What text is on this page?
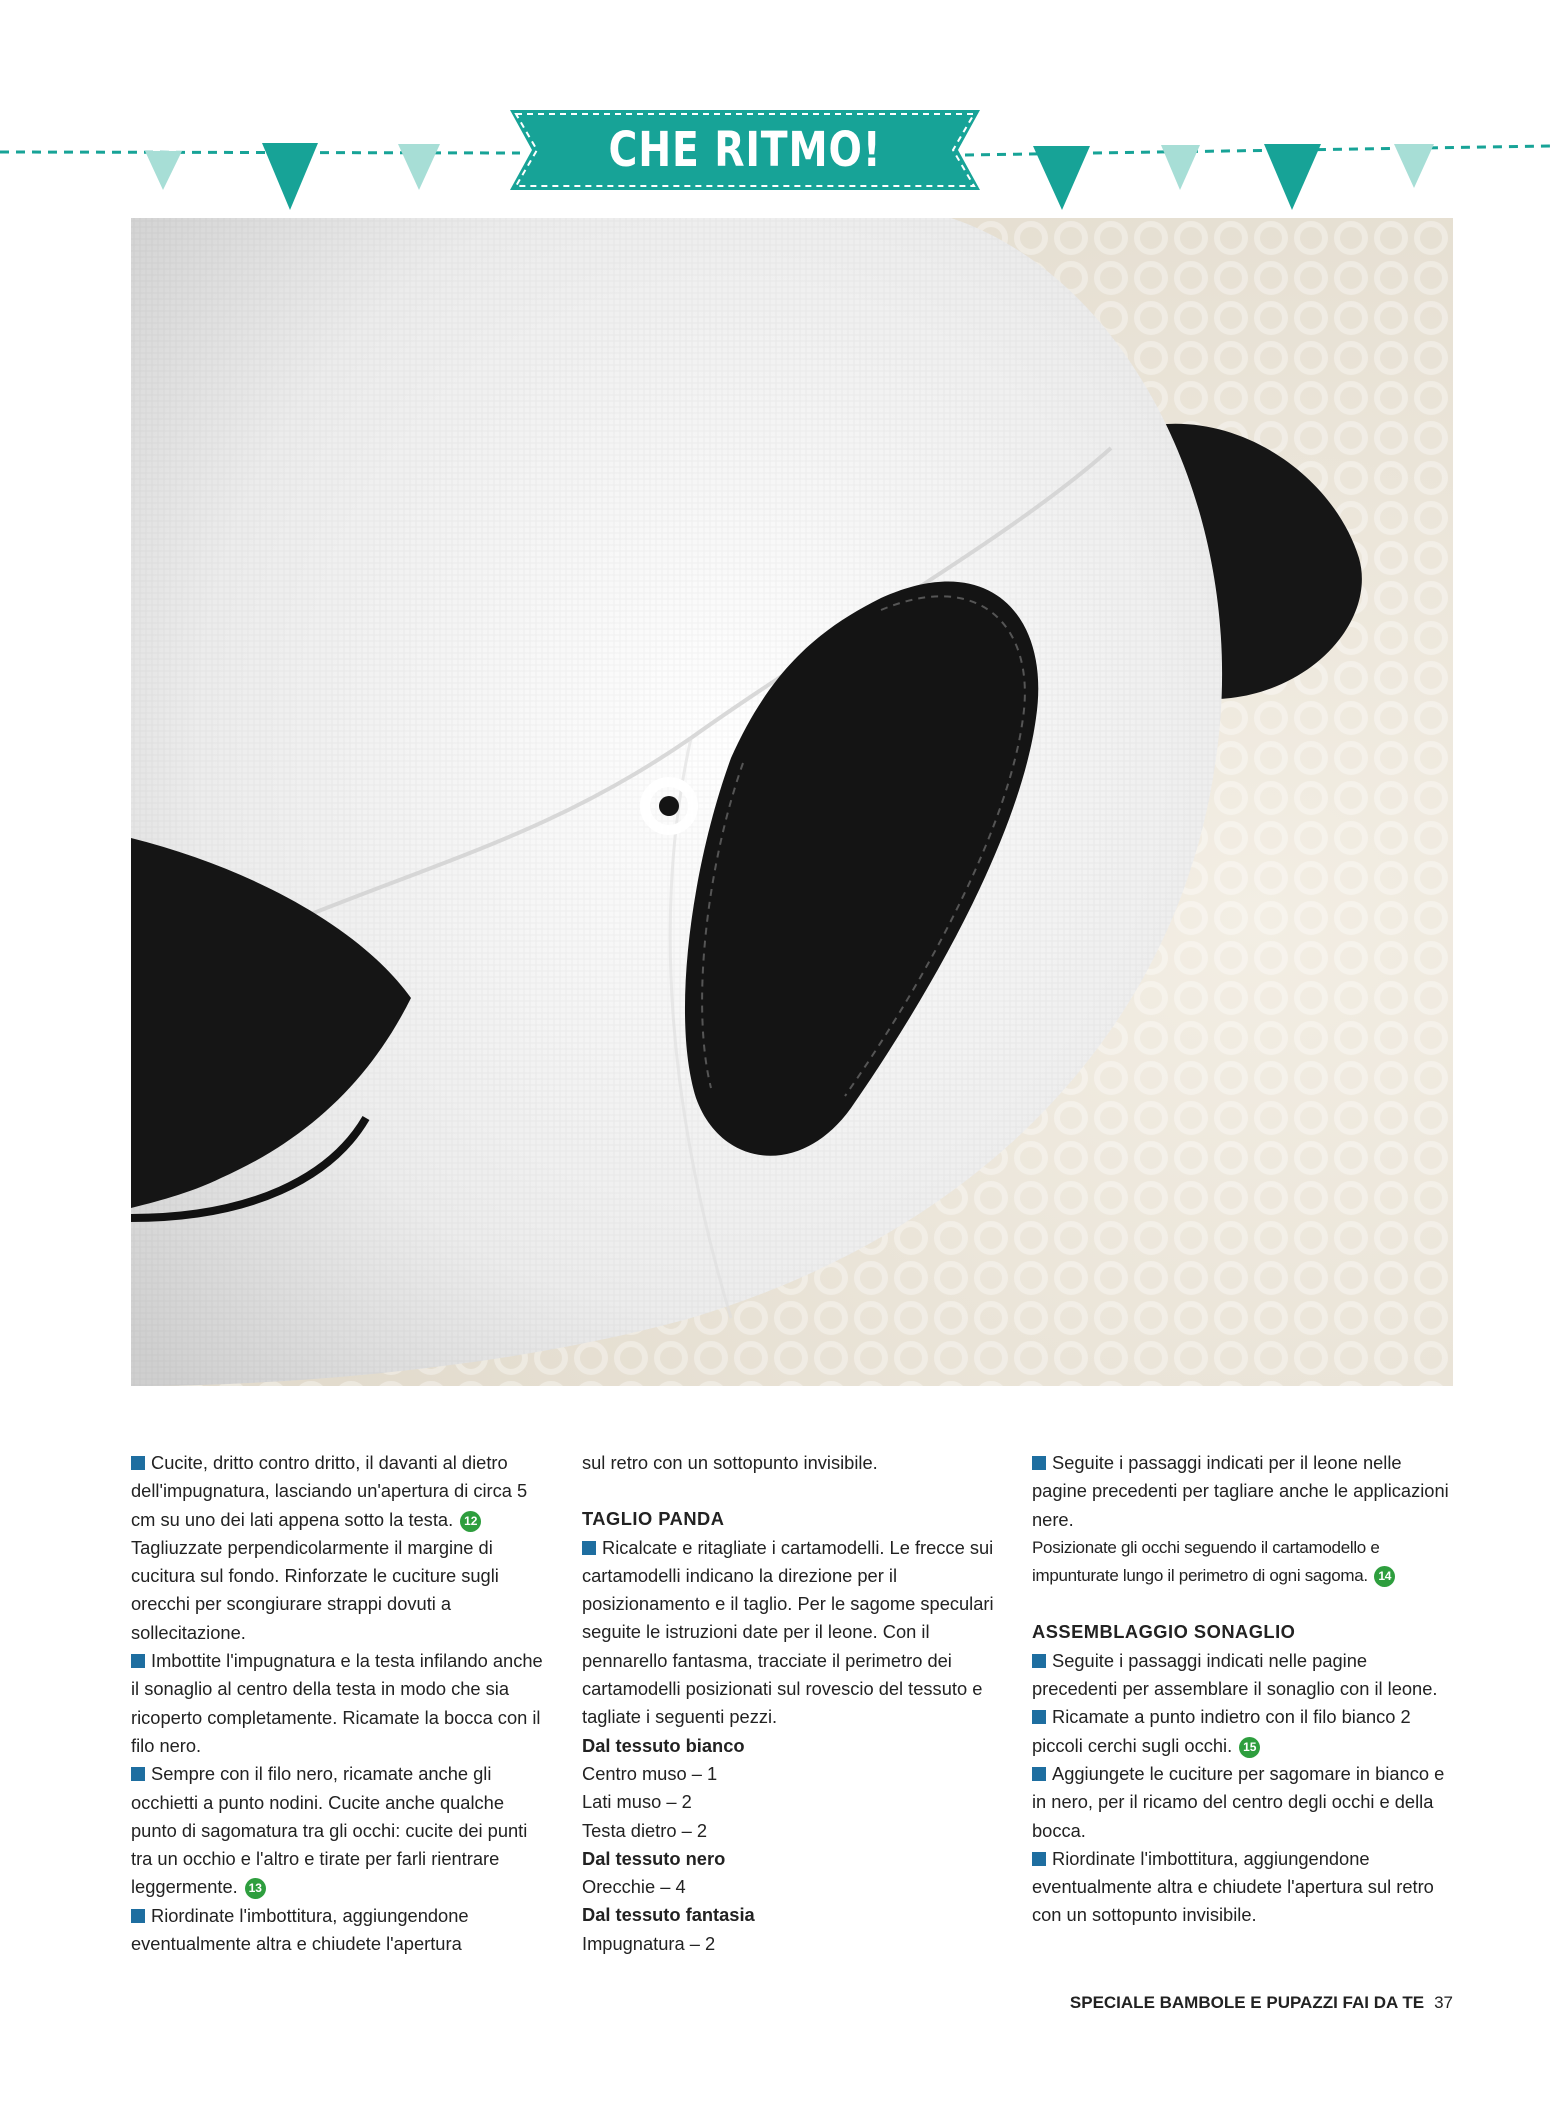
CHE RITMO!

Cucite, dritto contro dritto, il davanti al dietro dell'impugnatura, lasciando un'apertura di circa 5 cm su uno dei lati appena sotto la testa. 12 Tagliuzzate perpendicolarmente il margine di cucitura sul fondo. Rinforzate le cuciture sugli orecchi per scongiurare strappi dovuti a sollecitazione.

Imbottite l'impugnatura e la testa infilando anche il sonaglio al centro della testa in modo che sia ricoperto completamente. Ricamate la bocca con il filo nero.

Sempre con il filo nero, ricamate anche gli occhietti a punto nodini. Cucite anche qualche punto di sagomatura tra gli occhi: cucite dei punti tra un occhio e l'altro e tirate per farli rientrare leggermente. 13

Riordinate l'imbottitura, aggiungendone eventualmente altra e chiudete l'apertura

sul retro con un sottopunto invisibile.

TAGLIO PANDA

Ricalcate e ritagliate i cartamodelli. Le frecce sui cartamodelli indicano la direzione per il posizionamento e il taglio. Per le sagome speculari seguite le istruzioni date per il leone. Con il pennarello fantasma, tracciate il perimetro dei cartamodelli posizionati sul rovescio del tessuto e tagliate i seguenti pezzi.

Dal tessuto bianco

Centro muso – 1

Lati muso – 2

Testa dietro – 2

Dal tessuto nero

Orecchie – 4

Dal tessuto fantasia

Impugnatura – 2

Seguite i passaggi indicati per il leone nelle pagine precedenti per tagliare anche le applicazioni nere.

Posizionate gli occhi seguendo il cartamodello e impunturate lungo il perimetro di ogni sagoma. 14

ASSEMBLAGGIO SONAGLIO

Seguite i passaggi indicati nelle pagine precedenti per assemblare il sonaglio con il leone.

Ricamate a punto indietro con il filo bianco 2 piccoli cerchi sugli occhi. 15

Aggiungete le cuciture per sagomare in bianco e in nero, per il ricamo del centro degli occhi e della bocca.

Riordinate l'imbottitura, aggiungendone eventualmente altra e chiudete l'apertura sul retro con un sottopunto invisibile.

SPECIALE BAMBOLE E PUPAZZI FAI DA TE 37
